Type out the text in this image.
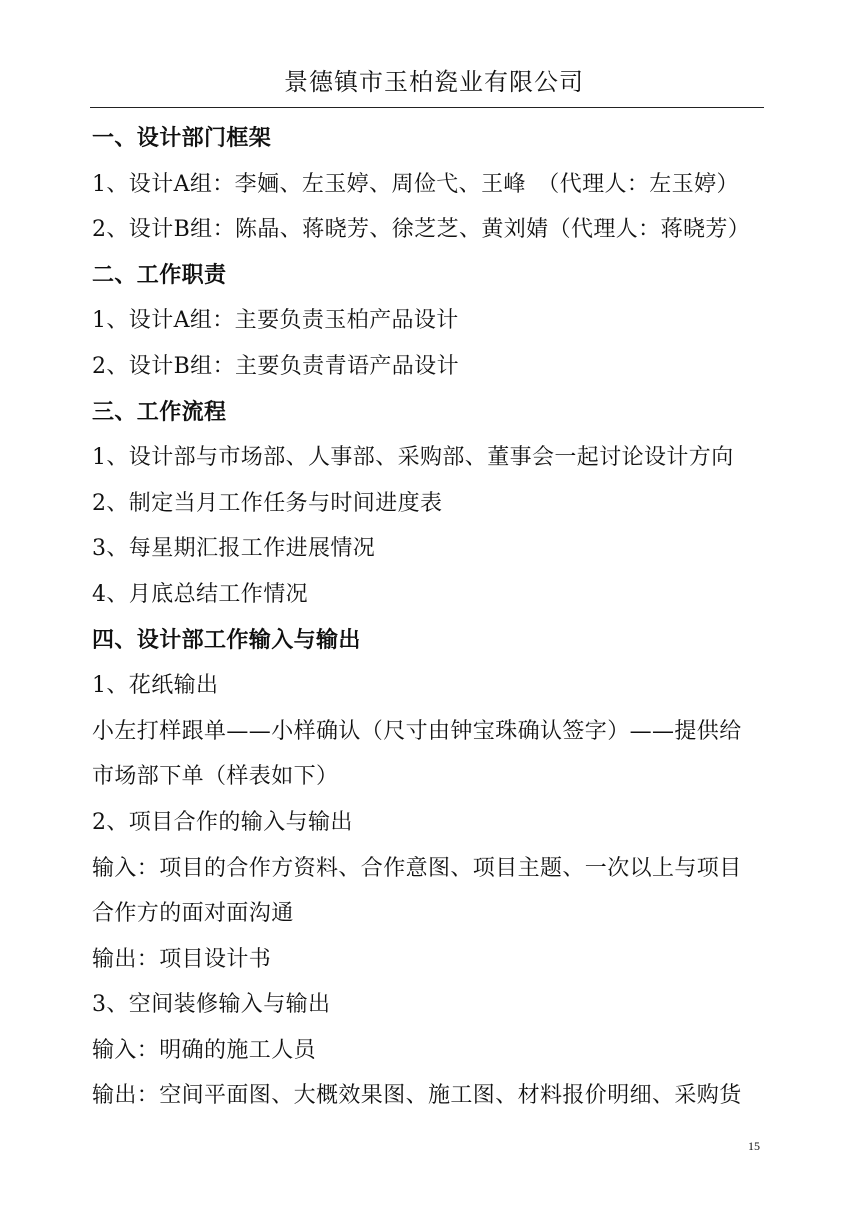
景德镇市玉柏瓷业有限公司
一、设计部门框架
1、设计A组：李婳、左玉婷、周俭弋、王峰　（代理人：左玉婷）
2、设计B组：陈晶、蒋晓芳、徐芝芝、黄刘婧（代理人：蒋晓芳）
二、工作职责
1、设计A组：主要负责玉柏产品设计
2、设计B组：主要负责青语产品设计
三、工作流程
1、设计部与市场部、人事部、采购部、董事会一起讨论设计方向
2、制定当月工作任务与时间进度表
3、每星期汇报工作进展情况
4、月底总结工作情况
四、设计部工作输入与输出
1、花纸输出
小左打样跟单——小样确认（尺寸由钟宝珠确认签字）——提供给
市场部下单（样表如下）
2、项目合作的输入与输出
输入：项目的合作方资料、合作意图、项目主题、一次以上与项目
合作方的面对面沟通
输出：项目设计书
3、空间装修输入与输出
输入：明确的施工人员
输出：空间平面图、大概效果图、施工图、材料报价明细、采购货
15
